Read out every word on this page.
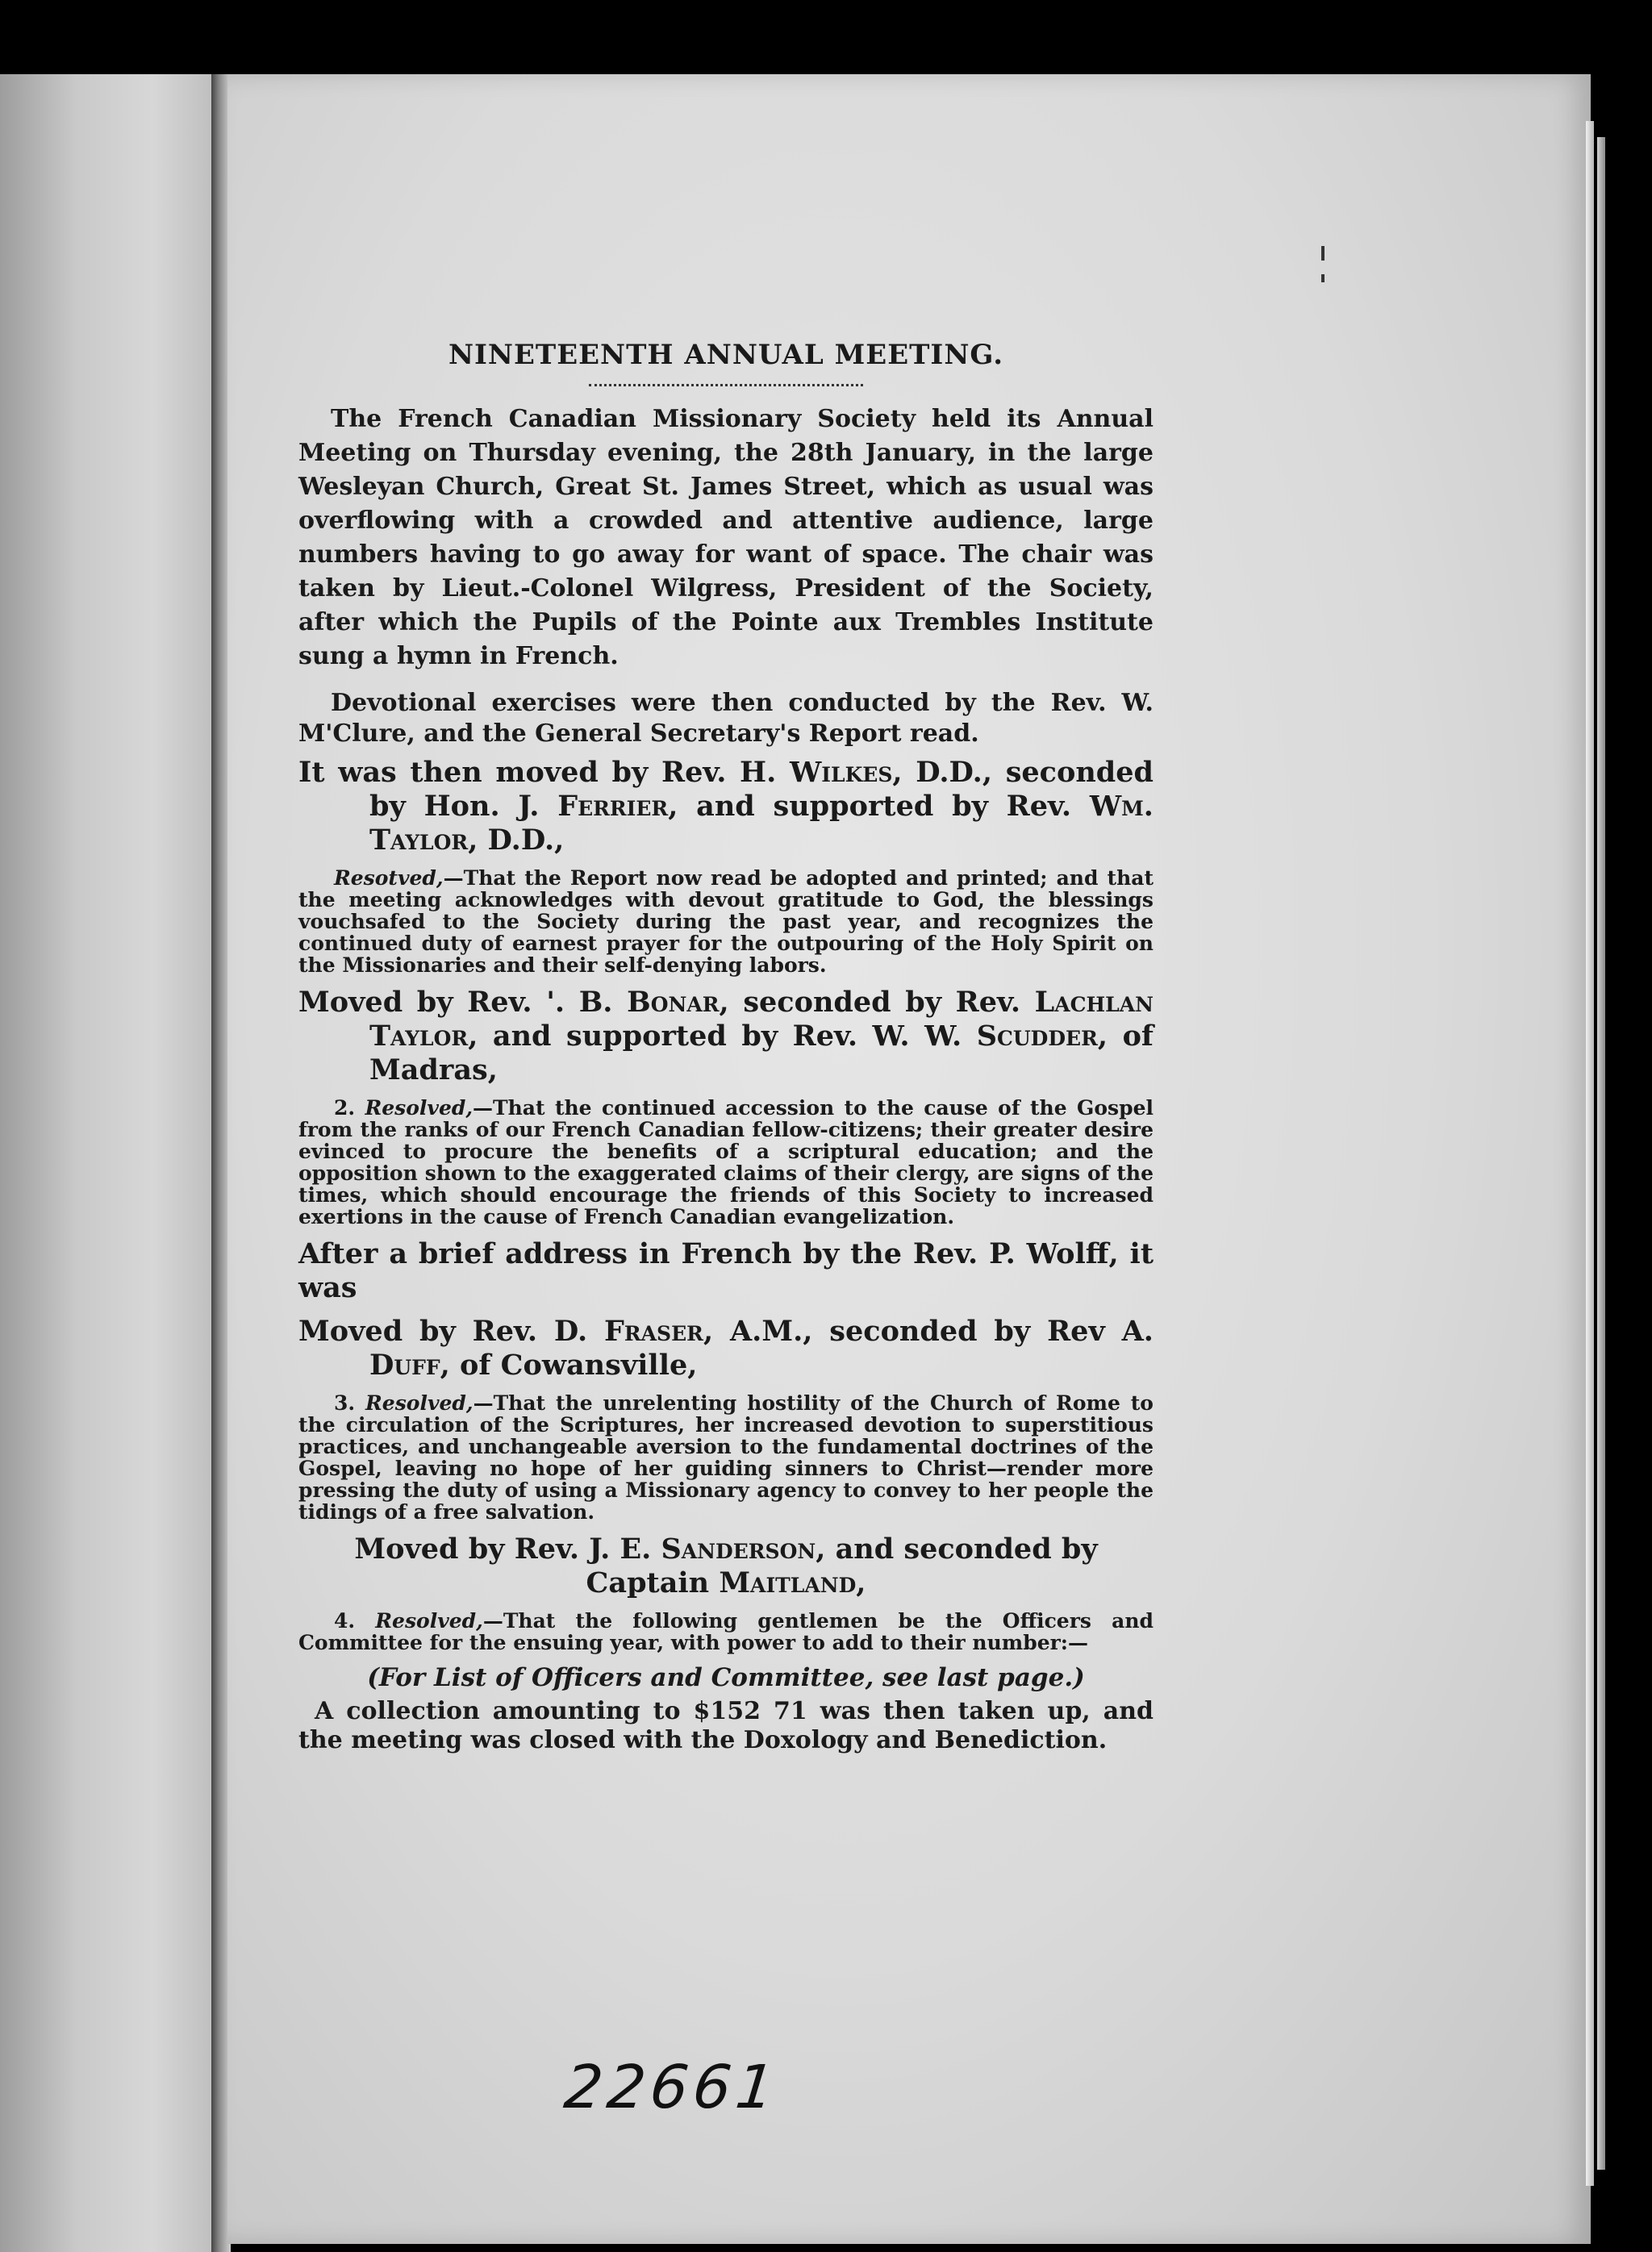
NINETEENTH ANNUAL MEETING.

The French Canadian Missionary Society held its Annual Meeting on Thursday evening, the 28th January, in the large Wesleyan Church, Great St. James Street, which as usual was overflowing with a crowded and attentive audience, large numbers having to go away for want of space. The chair was taken by Lieut.-Colonel Wilgress, President of the Society, after which the Pupils of the Pointe aux Trembles Institute sung a hymn in French.

Devotional exercises were then conducted by the Rev. W. M'Clure, and the General Secretary's Report read.

It was then moved by Rev. H. Wilkes, D.D., seconded by Hon. J. Ferrier, and supported by Rev. Wm. Taylor, D.D.,

Resotved,—That the Report now read be adopted and printed; and that the meeting acknowledges with devout gratitude to God, the blessings vouchsafed to the Society during the past year, and recognizes the continued duty of earnest prayer for the outpouring of the Holy Spirit on the Missionaries and their self-denying labors.

Moved by Rev. '. B. Bonar, seconded by Rev. Lachlan Taylor, and supported by Rev. W. W. Scudder, of Madras,

2. Resolved,—That the continued accession to the cause of the Gospel from the ranks of our French Canadian fellow-citizens; their greater desire evinced to procure the benefits of a scriptural education; and the opposition shown to the exaggerated claims of their clergy, are signs of the times, which should encourage the friends of this Society to increased exertions in the cause of French Canadian evangelization.

After a brief address in French by the Rev. P. Wolff, it was

Moved by Rev. D. Fraser, A.M., seconded by Rev A. Duff, of Cowansville,

3. Resolved,—That the unrelenting hostility of the Church of Rome to the circulation of the Scriptures, her increased devotion to superstitious practices, and unchangeable aversion to the fundamental doctrines of the Gospel, leaving no hope of her guiding sinners to Christ—render more pressing the duty of using a Missionary agency to convey to her people the tidings of a free salvation.

Moved by Rev. J. E. Sanderson, and seconded by Captain Maitland,

4. Resolved,—That the following gentlemen be the Officers and Committee for the ensuing year, with power to add to their number:—

(For List of Officers and Committee, see last page.)

A collection amounting to $152 71 was then taken up, and the meeting was closed with the Doxology and Benediction.

22661
